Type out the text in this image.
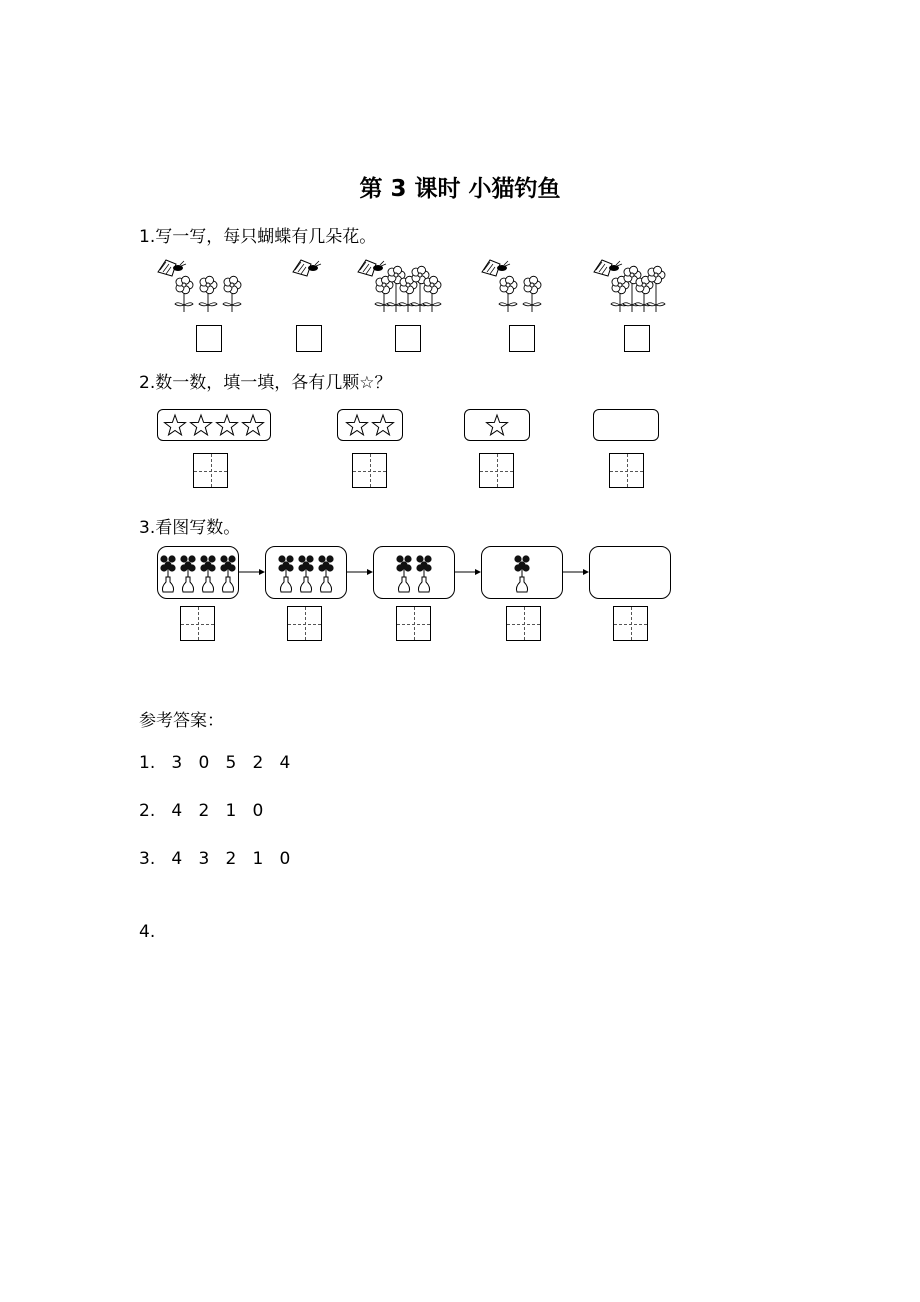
第 3 课时 小猫钓鱼
1.写一写，每只蝴蝶有几朵花。
2.数一数，填一填，各有几颗☆？
3.看图写数。
参考答案：
1.   3   0   5   2   4
2.   4   2   1   0
3.   4   3   2   1   0
4.
